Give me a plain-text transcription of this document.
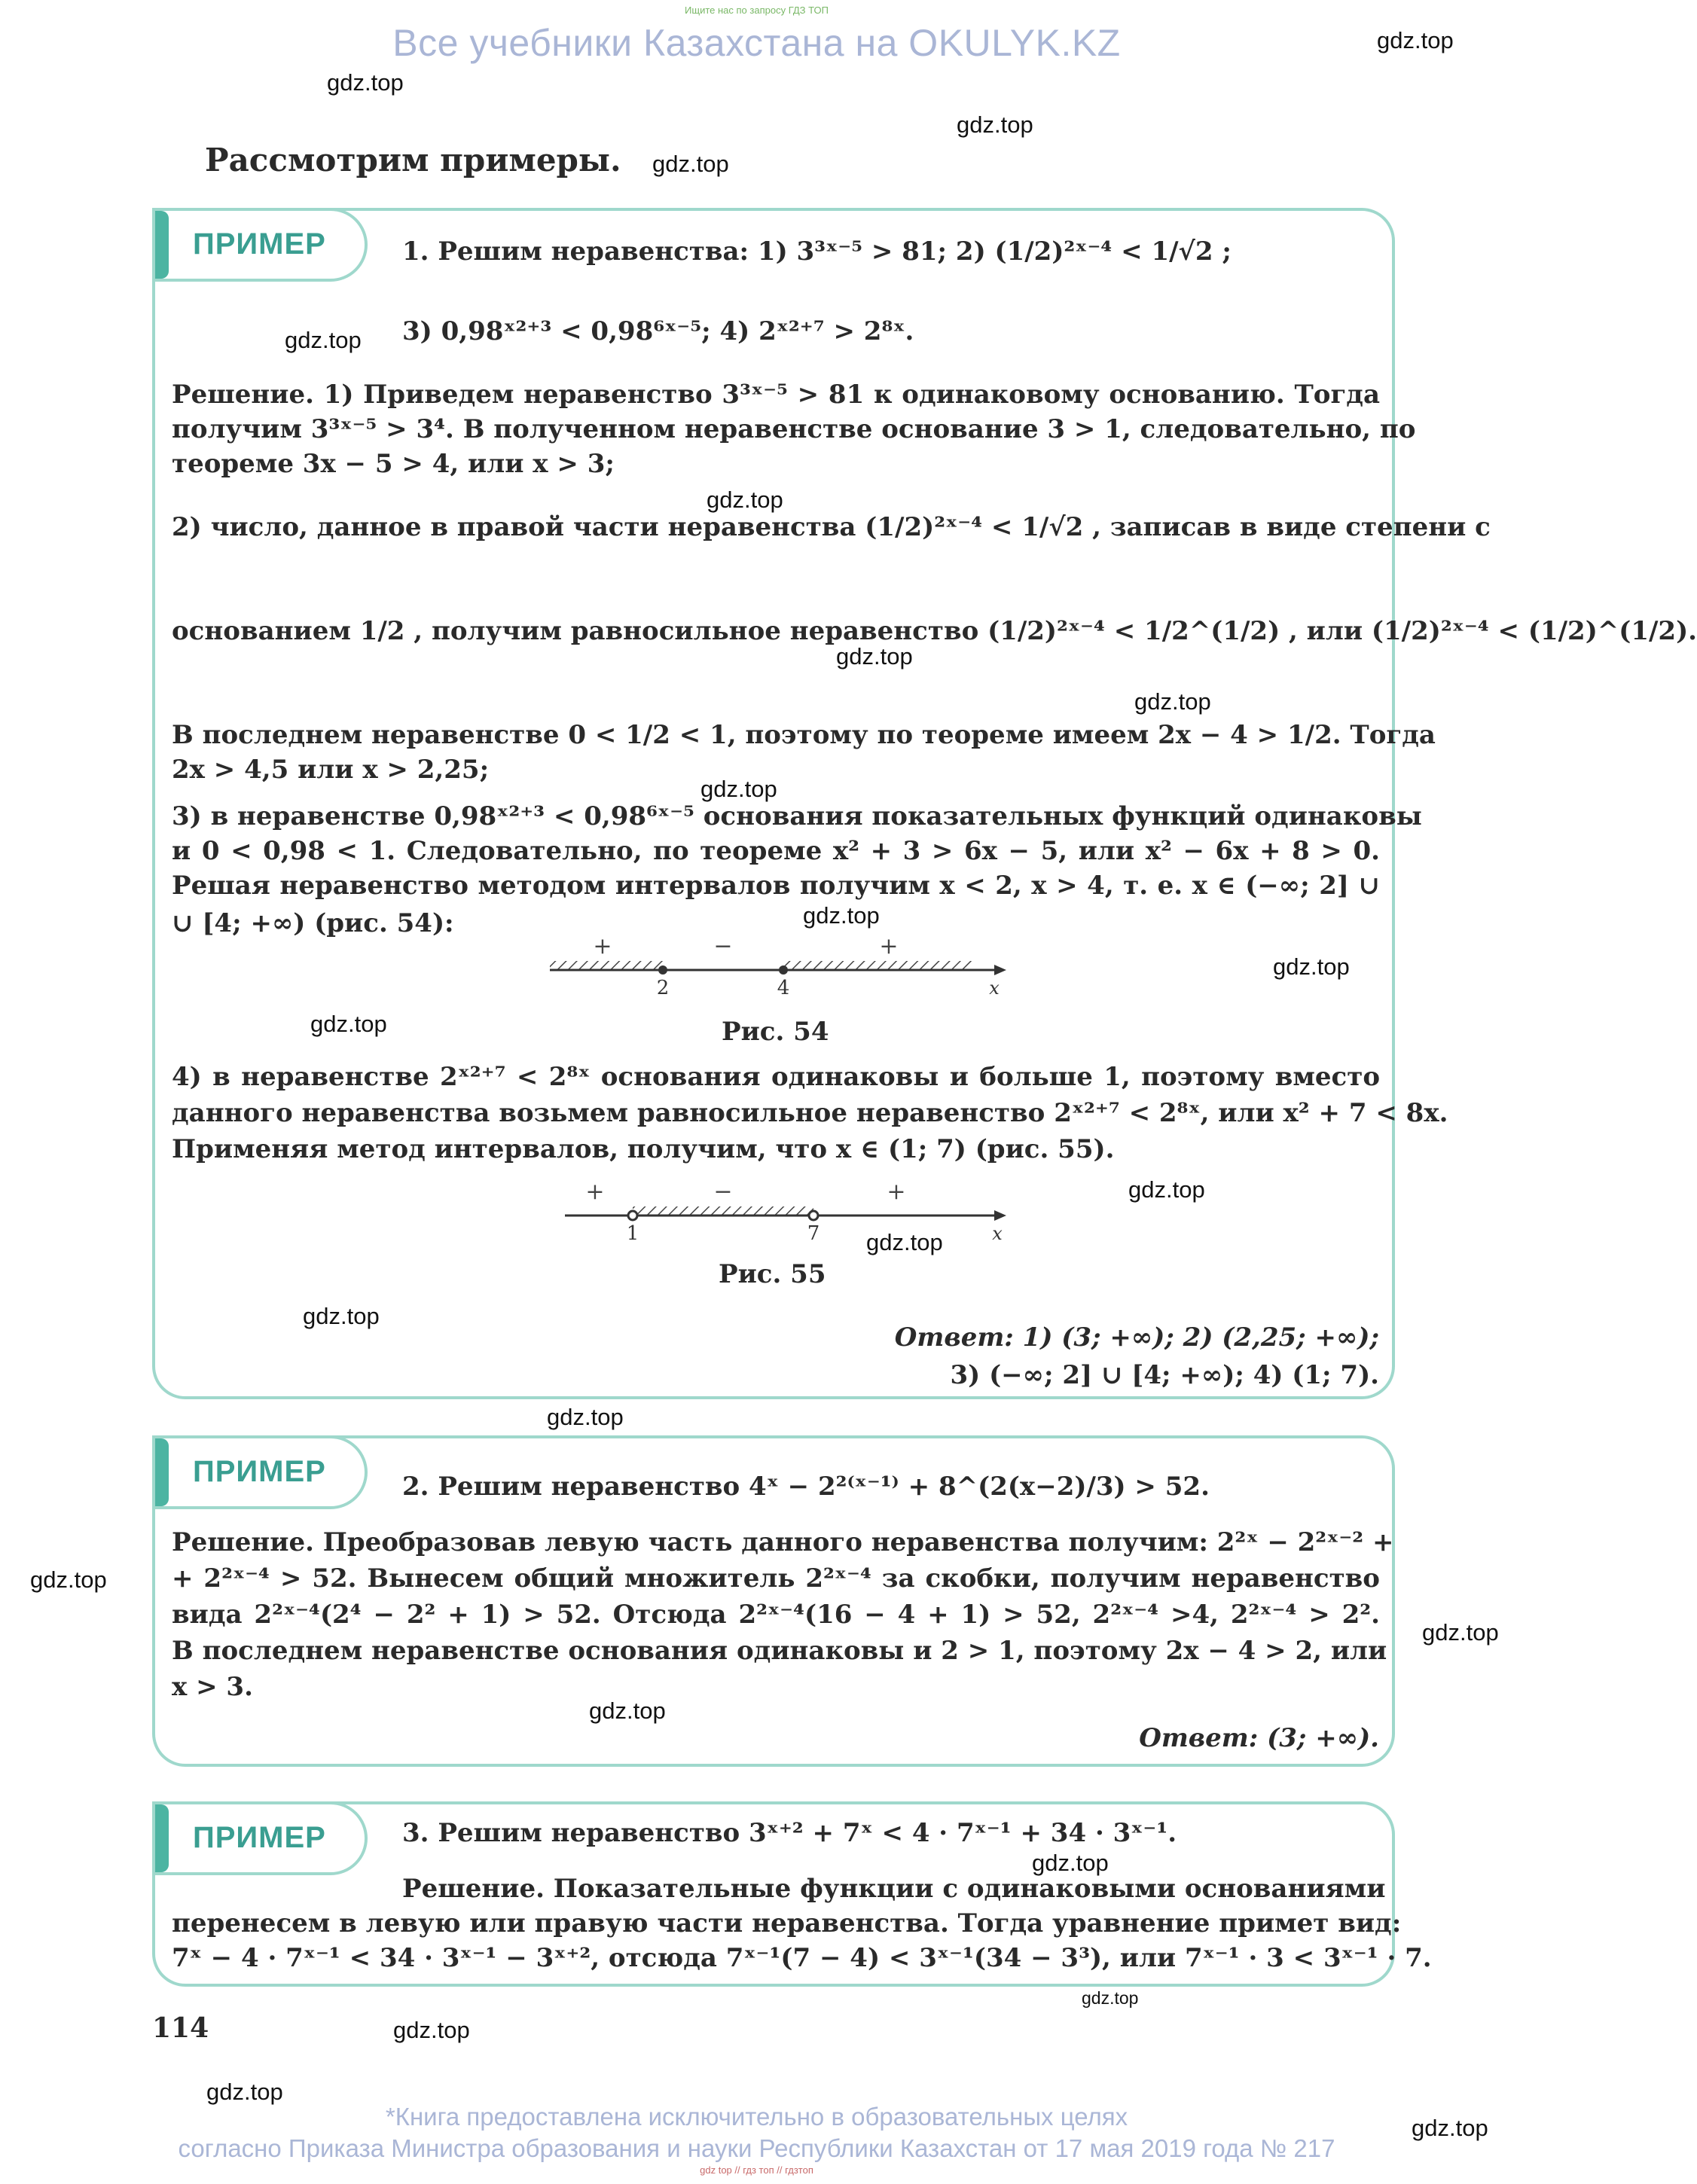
Ищите нас по запросу ГДЗ ТОП
Все учебники Казахстана на OKULYK.KZ	gdz.top
gdz.top
gdz.top
gdz.top
gdz.top
gdz.top
gdz.top
gdz.top
gdz.top
gdz.top
gdz.top
gdz.top
gdz.top
gdz.top
gdz.top
gdz.top
gdz.top
gdz.top
gdz.top
gdz.top
gdz.top
gdz.top
gdz.top
gdz.top
Рассмотрим примеры.
ПРИМЕР	1. Решим неравенства: 1) 3³ˣ⁻⁵ > 81; 2) (1/2)²ˣ⁻⁴ < 1/√2 ;
3) 0,98ˣ²⁺³ < 0,98⁶ˣ⁻⁵; 4) 2ˣ²⁺⁷ > 2⁸ˣ.
Решение. 1) Приведем неравенство 3³ˣ⁻⁵ > 81 к одинаковому основанию. Тогда
получим 3³ˣ⁻⁵ > 3⁴. В полученном неравенстве основание 3 > 1, следовательно, по
теореме 3x − 5 > 4, или x > 3;
2) число, данное в правой части неравенства (1/2)²ˣ⁻⁴ < 1/√2 , записав в виде степени с
основанием 1/2 , получим равносильное неравенство (1/2)²ˣ⁻⁴ < 1/2^(1/2) , или (1/2)²ˣ⁻⁴ < (1/2)^(1/2).
В последнем неравенстве 0 < 1/2 < 1, поэтому по теореме имеем 2x − 4 > 1/2. Тогда
2x > 4,5 или x > 2,25;
3) в неравенстве 0,98ˣ²⁺³ < 0,98⁶ˣ⁻⁵ основания показательных функций одинаковы
и 0 < 0,98 < 1. Следовательно, по теореме x² + 3 > 6x − 5, или x² − 6x + 8 > 0.
Решая неравенство методом интервалов получим x < 2, x > 4, т. е. x ∈ (−∞; 2] ∪
∪ [4; +∞) (рис. 54):
+	−	+
2	4	x
Рис. 54
4) в неравенстве 2ˣ²⁺⁷ < 2⁸ˣ основания одинаковы и больше 1, поэтому вместо
данного неравенства возьмем равносильное неравенство 2ˣ²⁺⁷ < 2⁸ˣ, или x² + 7 < 8x.
Применяя метод интервалов, получим, что x ∈ (1; 7) (рис. 55).
+	−	+
1	7	x
Рис. 55
Ответ: 1) (3; +∞); 2) (2,25; +∞);
3) (−∞; 2] ∪ [4; +∞); 4) (1; 7).
ПРИМЕР	2. Решим неравенство 4ˣ − 2²⁽ˣ⁻¹⁾ + 8^(2(x−2)/3) > 52.
Решение. Преобразовав левую часть данного неравенства получим: 2²ˣ − 2²ˣ⁻² +
+ 2²ˣ⁻⁴ > 52. Вынесем общий множитель 2²ˣ⁻⁴ за скобки, получим неравенство
вида 2²ˣ⁻⁴(2⁴ − 2² + 1) > 52. Отсюда 2²ˣ⁻⁴(16 − 4 + 1) > 52, 2²ˣ⁻⁴ >4, 2²ˣ⁻⁴ > 2².
В последнем неравенстве основания одинаковы и 2 > 1, поэтому 2x − 4 > 2, или
x > 3.
Ответ: (3; +∞).
ПРИМЕР	3. Решим неравенство 3ˣ⁺² + 7ˣ < 4 · 7ˣ⁻¹ + 34 · 3ˣ⁻¹.
Решение. Показательные функции с одинаковыми основаниями
перенесем в левую или правую части неравенства. Тогда уравнение примет вид:
7ˣ − 4 · 7ˣ⁻¹ < 34 · 3ˣ⁻¹ − 3ˣ⁺², отсюда 7ˣ⁻¹(7 − 4) < 3ˣ⁻¹(34 − 3³), или 7ˣ⁻¹ · 3 < 3ˣ⁻¹ · 7.
114
*Книга предоставлена исключительно в образовательных целях
согласно Приказа Министра образования и науки Республики Казахстан от 17 мая 2019 года № 217
gdz top // гдз топ // гдзтоп
